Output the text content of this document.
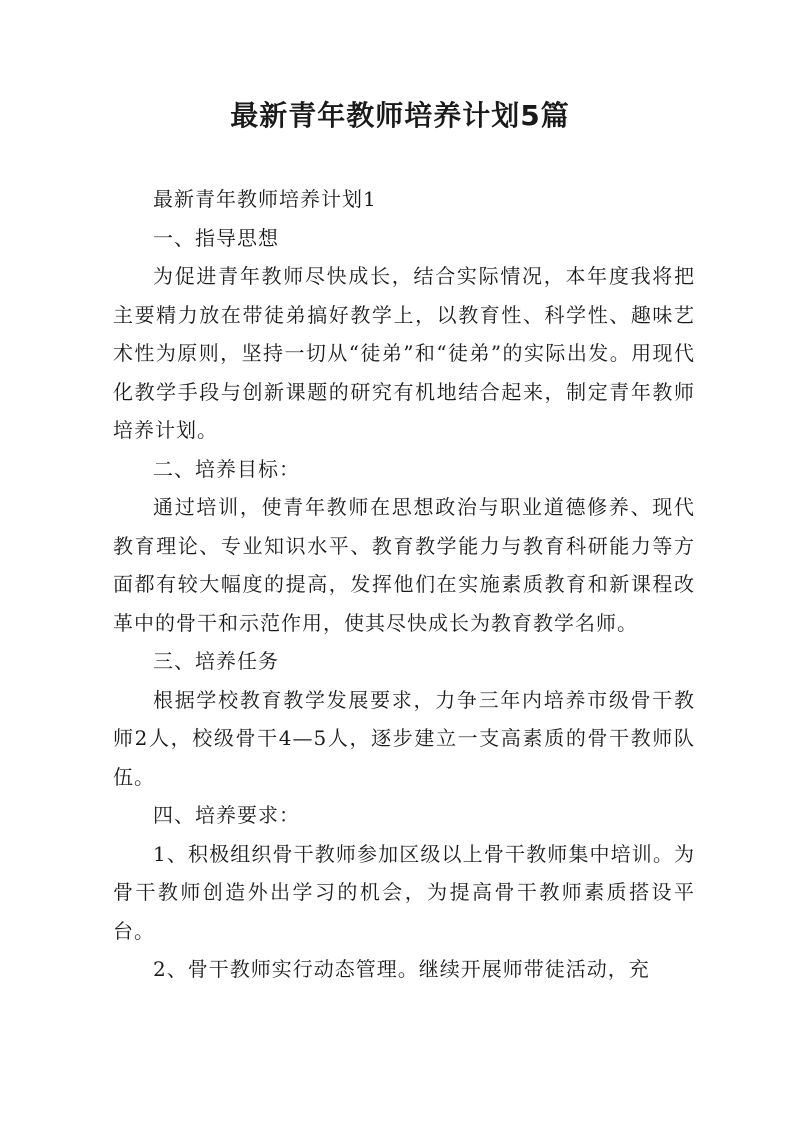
最新青年教师培养计划5篇

最新青年教师培养计划1

一、指导思想

为促进青年教师尽快成长，结合实际情况，本年度我将把主要精力放在带徒弟搞好教学上，以教育性、科学性、趣味艺术性为原则，坚持一切从“徒弟”和“徒弟”的实际出发。用现代化教学手段与创新课题的研究有机地结合起来，制定青年教师培养计划。

二、培养目标：

通过培训，使青年教师在思想政治与职业道德修养、现代教育理论、专业知识水平、教育教学能力与教育科研能力等方面都有较大幅度的提高，发挥他们在实施素质教育和新课程改革中的骨干和示范作用，使其尽快成长为教育教学名师。

三、培养任务

根据学校教育教学发展要求，力争三年内培养市级骨干教师2人，校级骨干4—5人，逐步建立一支高素质的骨干教师队伍。

四、培养要求：

1、积极组织骨干教师参加区级以上骨干教师集中培训。为骨干教师创造外出学习的机会，为提高骨干教师素质搭设平台。

2、骨干教师实行动态管理。继续开展师带徒活动，充
